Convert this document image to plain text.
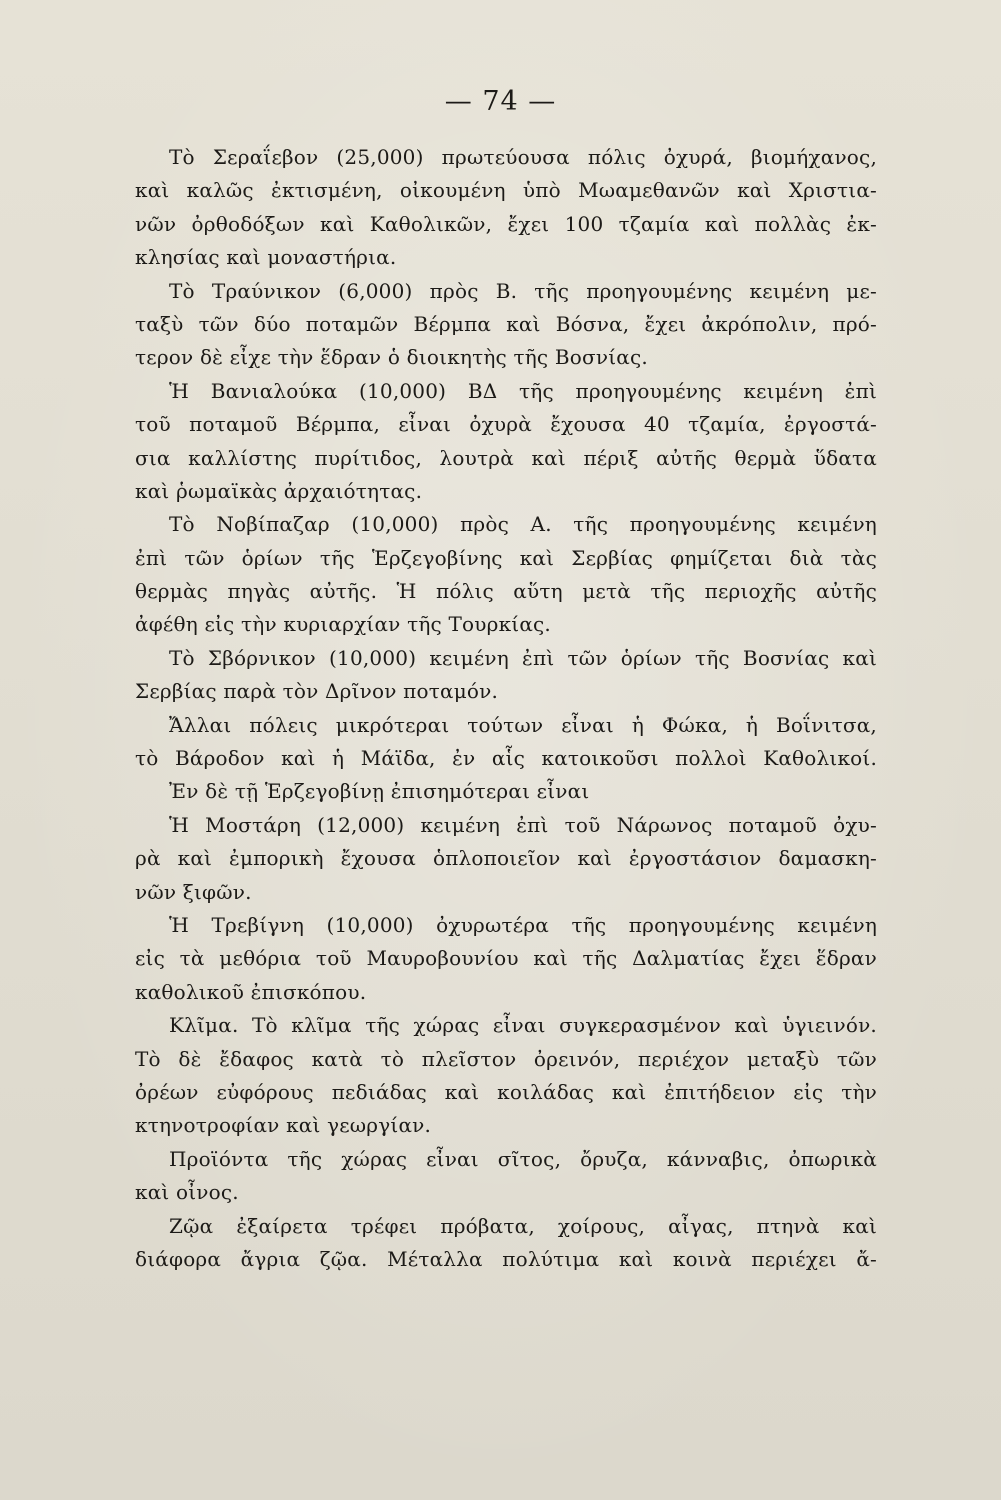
— 74 —
Τὸ Σεραΐεβον (25,000) πρωτεύουσα πόλις ὀχυρά, βιομήχανος,
καὶ καλῶς ἐκτισμένη, οἰκουμένη ὑπὸ Μωαμεθανῶν καὶ Χριστια-
νῶν ὀρθοδόξων καὶ Καθολικῶν, ἔχει 100 τζαμία καὶ πολλὰς ἐκ-
κλησίας καὶ μοναστήρια.
Τὸ Τραύνικον (6,000) πρὸς Β. τῆς προηγουμένης κειμένη με-
ταξὺ τῶν δύο ποταμῶν Βέρμπα καὶ Βόσνα, ἔχει ἀκρόπολιν, πρό-
τερον δὲ εἶχε τὴν ἕδραν ὁ διοικητὴς τῆς Βοσνίας.
Ἡ Βανιαλούκα (10,000) ΒΔ τῆς προηγουμένης κειμένη ἐπὶ
τοῦ ποταμοῦ Βέρμπα, εἶναι ὀχυρὰ ἔχουσα 40 τζαμία, ἐργοστά-
σια καλλίστης πυρίτιδος, λουτρὰ καὶ πέριξ αὐτῆς θερμὰ ὕδατα
καὶ ῥωμαϊκὰς ἀρχαιότητας.
Τὸ Νοβίπαζαρ (10,000) πρὸς Α. τῆς προηγουμένης κειμένη
ἐπὶ τῶν ὁρίων τῆς Ἑρζεγοβίνης καὶ Σερβίας φημίζεται διὰ τὰς
θερμὰς πηγὰς αὐτῆς. Ἡ πόλις αὕτη μετὰ τῆς περιοχῆς αὐτῆς
ἀφέθη εἰς τὴν κυριαρχίαν τῆς Τουρκίας.
Τὸ Σβόρνικον (10,000) κειμένη ἐπὶ τῶν ὁρίων τῆς Βοσνίας καὶ
Σερβίας παρὰ τὸν Δρῖνον ποταμόν.
Ἄλλαι πόλεις μικρότεραι τούτων εἶναι ἡ Φώκα, ἡ Βοΐνιτσα,
τὸ Βάροδον καὶ ἡ Μάϊδα, ἐν αἷς κατοικοῦσι πολλοὶ Καθολικοί.
Ἐν δὲ τῇ Ἑρζεγοβίνῃ ἐπισημότεραι εἶναι
Ἡ Μοστάρη (12,000) κειμένη ἐπὶ τοῦ Νάρωνος ποταμοῦ ὀχυ-
ρὰ καὶ ἐμπορικὴ ἔχουσα ὁπλοποιεῖον καὶ ἐργοστάσιον δαμασκη-
νῶν ξιφῶν.
Ἡ Τρεβίγνη (10,000) ὀχυρωτέρα τῆς προηγουμένης κειμένη
εἰς τὰ μεθόρια τοῦ Μαυροβουνίου καὶ τῆς Δαλματίας ἔχει ἕδραν
καθολικοῦ ἐπισκόπου.
Κλῖμα. Τὸ κλῖμα τῆς χώρας εἶναι συγκερασμένον καὶ ὑγιεινόν.
Τὸ δὲ ἔδαφος κατὰ τὸ πλεῖστον ὀρεινόν, περιέχον μεταξὺ τῶν
ὀρέων εὐφόρους πεδιάδας καὶ κοιλάδας καὶ ἐπιτήδειον εἰς τὴν
κτηνοτροφίαν καὶ γεωργίαν.
Προϊόντα τῆς χώρας εἶναι σῖτος, ὄρυζα, κάνναβις, ὀπωρικὰ
καὶ οἶνος.
Ζῷα ἐξαίρετα τρέφει πρόβατα, χοίρους, αἶγας, πτηνὰ καὶ
διάφορα ἄγρια ζῷα. Μέταλλα πολύτιμα καὶ κοινὰ περιέχει ἄ-
